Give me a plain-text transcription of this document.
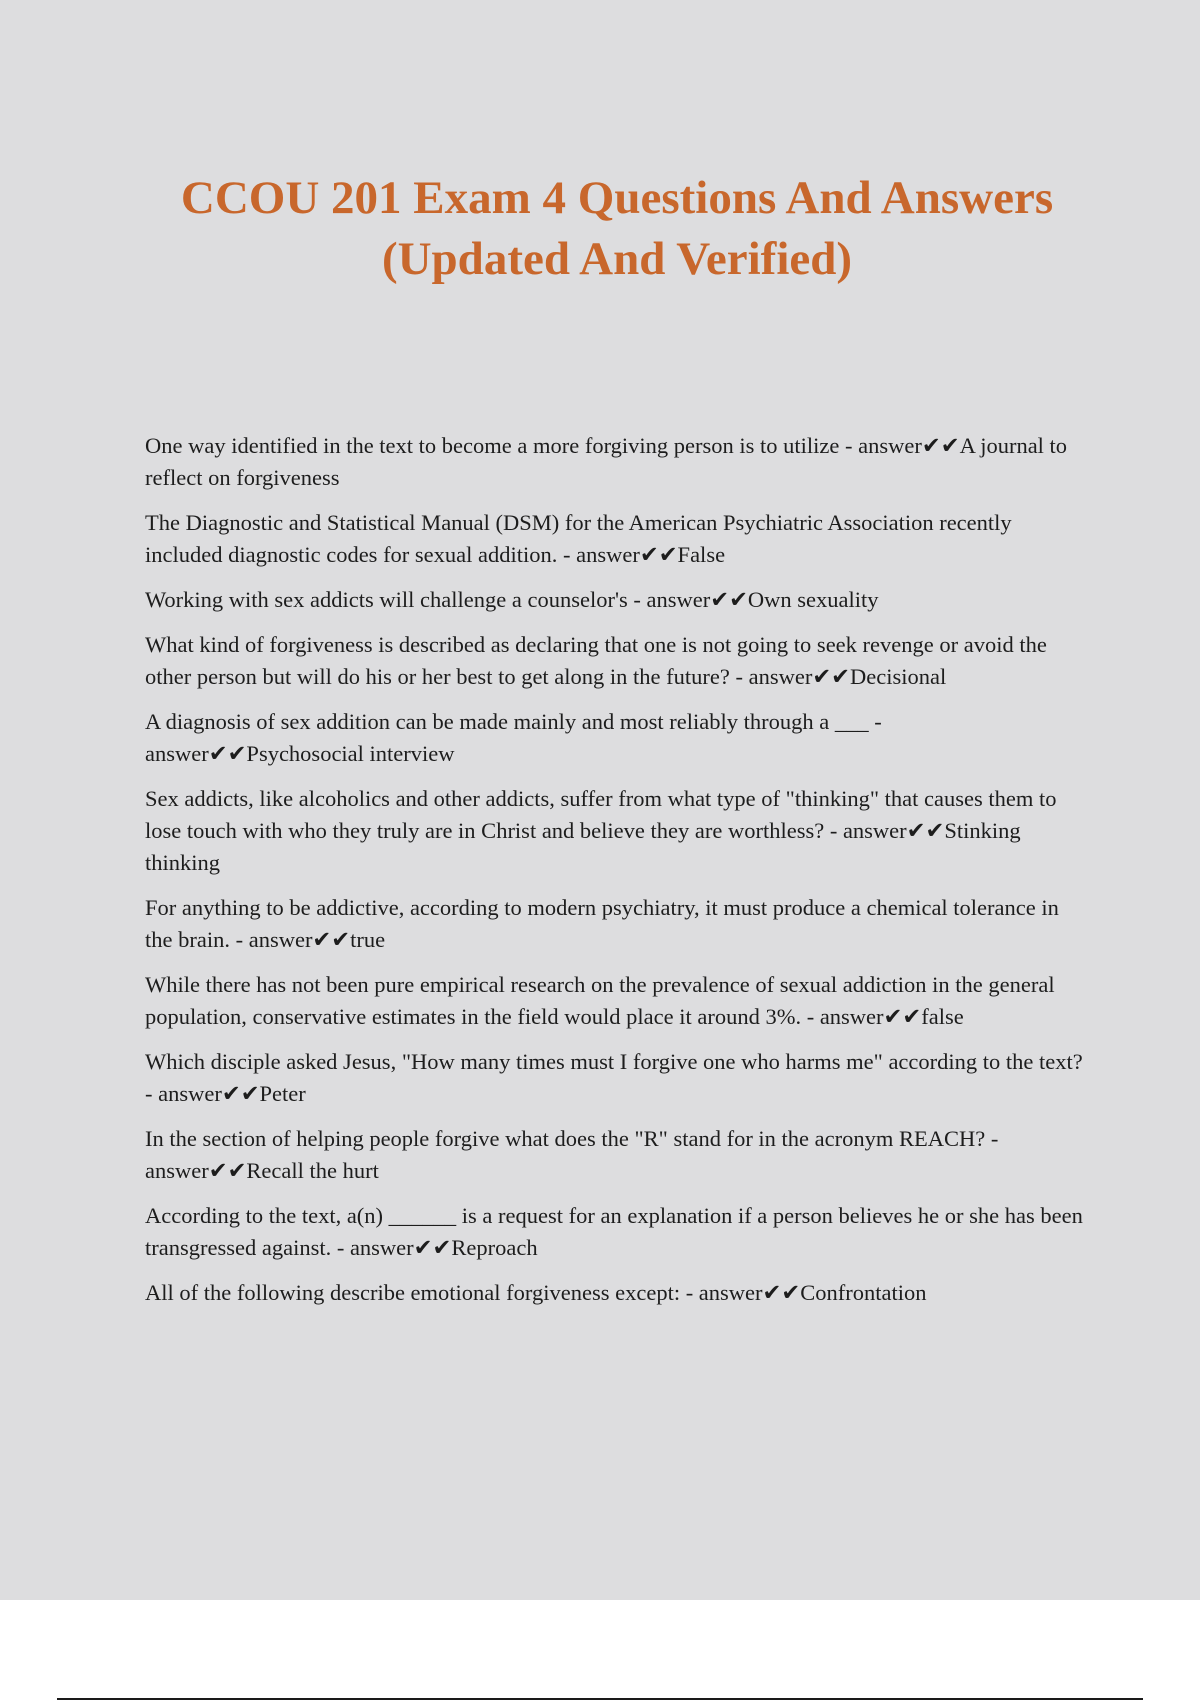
CCOU 201 Exam 4 Questions And Answers (Updated And Verified)
One way identified in the text to become a more forgiving person is to utilize - answer✔✔A journal to reflect on forgiveness
The Diagnostic and Statistical Manual (DSM) for the American Psychiatric Association recently included diagnostic codes for sexual addition. - answer✔✔False
Working with sex addicts will challenge a counselor's - answer✔✔Own sexuality
What kind of forgiveness is described as declaring that one is not going to seek revenge or avoid the other person but will do his or her best to get along in the future? - answer✔✔Decisional
A diagnosis of sex addition can be made mainly and most reliably through a ___ - answer✔✔Psychosocial interview
Sex addicts, like alcoholics and other addicts, suffer from what type of "thinking" that causes them to lose touch with who they truly are in Christ and believe they are worthless? - answer✔✔Stinking thinking
For anything to be addictive, according to modern psychiatry, it must produce a chemical tolerance in the brain. - answer✔✔true
While there has not been pure empirical research on the prevalence of sexual addiction in the general population, conservative estimates in the field would place it around 3%. - answer✔✔false
Which disciple asked Jesus, "How many times must I forgive one who harms me" according to the text? - answer✔✔Peter
In the section of helping people forgive what does the "R" stand for in the acronym REACH? - answer✔✔Recall the hurt
According to the text, a(n) ______ is a request for an explanation if a person believes he or she has been transgressed against. - answer✔✔Reproach
All of the following describe emotional forgiveness except: - answer✔✔Confrontation
